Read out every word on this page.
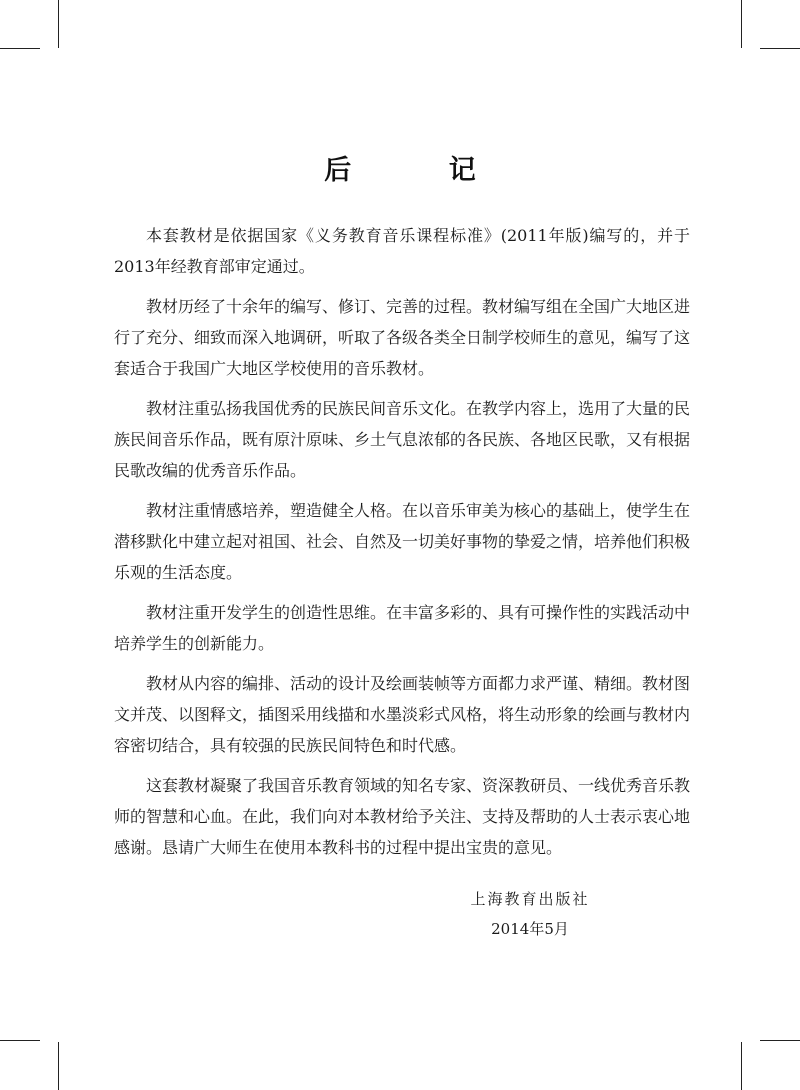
后 记

本套教材是依据国家《义务教育音乐课程标准》(2011年版)编写的，并于2013年经教育部审定通过。

教材历经了十余年的编写、修订、完善的过程。教材编写组在全国广大地区进行了充分、细致而深入地调研，听取了各级各类全日制学校师生的意见，编写了这套适合于我国广大地区学校使用的音乐教材。

教材注重弘扬我国优秀的民族民间音乐文化。在教学内容上，选用了大量的民族民间音乐作品，既有原汁原味、乡土气息浓郁的各民族、各地区民歌，又有根据民歌改编的优秀音乐作品。

教材注重情感培养，塑造健全人格。在以音乐审美为核心的基础上，使学生在潜移默化中建立起对祖国、社会、自然及一切美好事物的挚爱之情，培养他们积极乐观的生活态度。

教材注重开发学生的创造性思维。在丰富多彩的、具有可操作性的实践活动中培养学生的创新能力。

教材从内容的编排、活动的设计及绘画装帧等方面都力求严谨、精细。教材图文并茂、以图释文，插图采用线描和水墨淡彩式风格，将生动形象的绘画与教材内容密切结合，具有较强的民族民间特色和时代感。

这套教材凝聚了我国音乐教育领域的知名专家、资深教研员、一线优秀音乐教师的智慧和心血。在此，我们向对本教材给予关注、支持及帮助的人士表示衷心地感谢。恳请广大师生在使用本教科书的过程中提出宝贵的意见。

上海教育出版社
2014年5月
